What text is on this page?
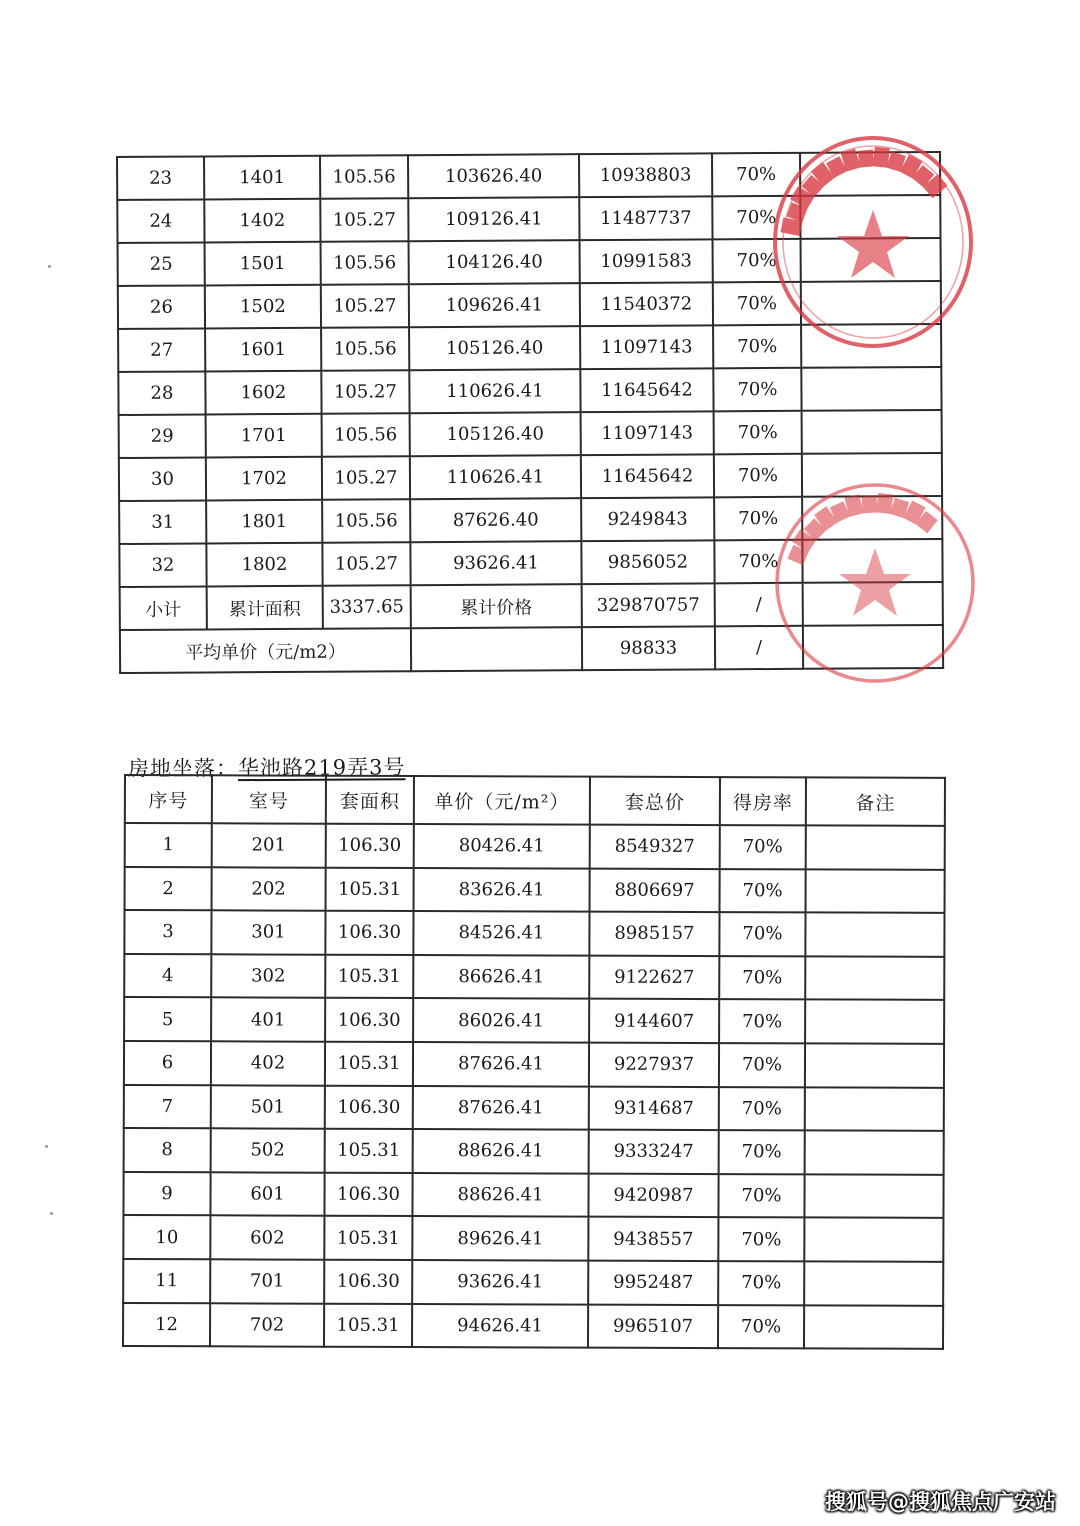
23	1401	105.56	103626.40	10938803	70%	
24	1402	105.27	109126.41	11487737	70%	
25	1501	105.56	104126.40	10991583	70%	
26	1502	105.27	109626.41	11540372	70%	
27	1601	105.56	105126.40	11097143	70%	
28	1602	105.27	110626.41	11645642	70%	
29	1701	105.56	105126.40	11097143	70%	
30	1702	105.27	110626.41	11645642	70%	
31	1801	105.56	87626.40	9249843	70%	
32	1802	105.27	93626.41	9856052	70%	
小计	累计面积	3337.65	累计价格	329870757	/	
平均单价（元/m2）				98833	/	
房地坐落：华池路219弄3号
序号	室号	套面积	单价（元/m²）	套总价	得房率	备注
1	201	106.30	80426.41	8549327	70%	
2	202	105.31	83626.41	8806697	70%	
3	301	106.30	84526.41	8985157	70%	
4	302	105.31	86626.41	9122627	70%	
5	401	106.30	86026.41	9144607	70%	
6	402	105.31	87626.41	9227937	70%	
7	501	106.30	87626.41	9314687	70%	
8	502	105.31	88626.41	9333247	70%	
9	601	106.30	88626.41	9420987	70%	
10	602	105.31	89626.41	9438557	70%	
11	701	106.30	93626.41	9952487	70%	
12	702	105.31	94626.41	9965107	70%	
▇▆▇▆▇▆▇▆▇▆▇▆▇
▆▇▆▇▆▇▆▇▆▇▆
搜狐号@搜狐焦点广安站
